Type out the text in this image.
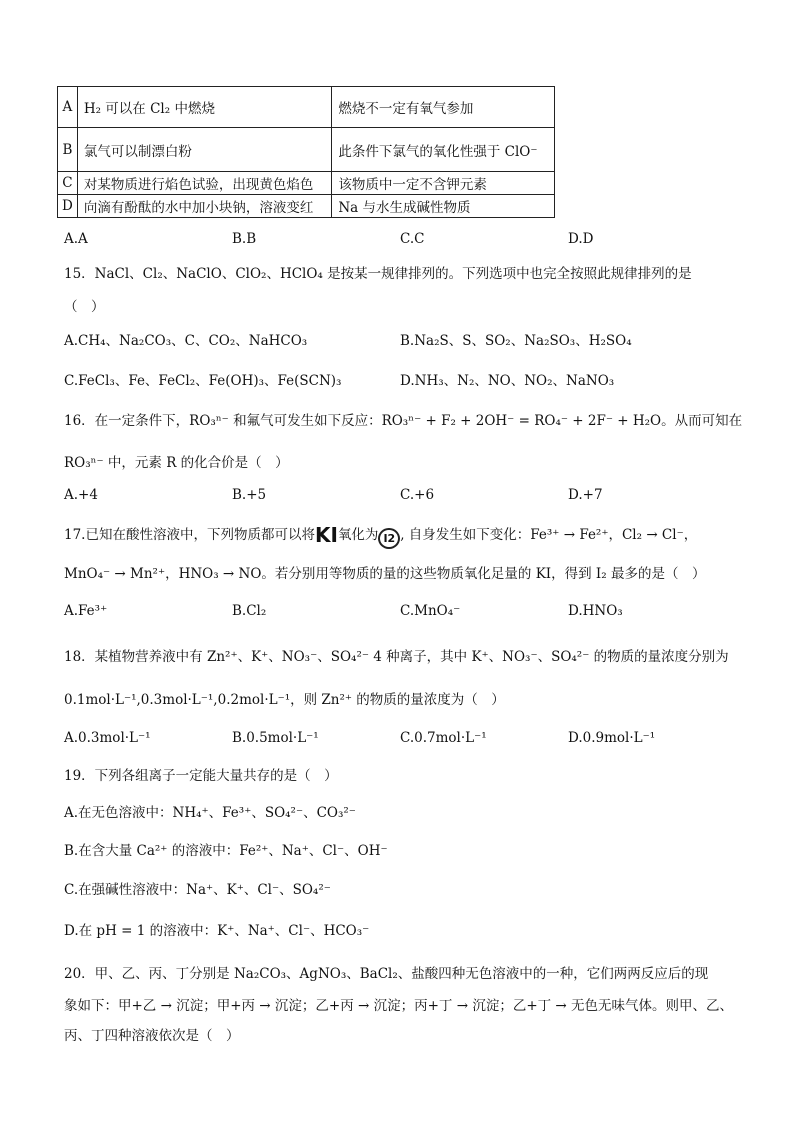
A	H₂ 可以在 Cl₂ 中燃烧	燃烧不一定有氧气参加
B	氯气可以制漂白粉	此条件下氯气的氧化性强于 ClO⁻
C	对某物质进行焰色试验，出现黄色焰色	该物质中一定不含钾元素
D	向滴有酚酞的水中加小块钠，溶液变红	Na 与水生成碱性物质
A.A	B.B	C.C	D.D
15．NaCl、Cl₂、NaClO、ClO₂、HClO₄ 是按某一规律排列的。下列选项中也完全按照此规律排列的是
（　）
A.CH₄、Na₂CO₃、C、CO₂、NaHCO₃	B.Na₂S、S、SO₂、Na₂SO₃、H₂SO₄
C.FeCl₃、Fe、FeCl₂、Fe(OH)₃、Fe(SCN)₃	D.NH₃、N₂、NO、NO₂、NaNO₃
16．在一定条件下，RO₃ⁿ⁻ 和氟气可发生如下反应：RO₃ⁿ⁻ + F₂ + 2OH⁻ = RO₄⁻ + 2F⁻ + H₂O。从而可知在
RO₃ⁿ⁻ 中，元素 R 的化合价是（　）
A.+4	B.+5	C.+6	D.+7
17.已知在酸性溶液中，下列物质都可以将KI氧化为 I2 , 自身发生如下变化：Fe³⁺ → Fe²⁺，Cl₂ → Cl⁻，
MnO₄⁻ → Mn²⁺，HNO₃ → NO。若分别用等物质的量的这些物质氧化足量的 KI，得到 I₂ 最多的是（　）
A.Fe³⁺	B.Cl₂	C.MnO₄⁻	D.HNO₃
18．某植物营养液中有 Zn²⁺、K⁺、NO₃⁻、SO₄²⁻ 4 种离子，其中 K⁺、NO₃⁻、SO₄²⁻ 的物质的量浓度分别为
0.1mol·L⁻¹,0.3mol·L⁻¹,0.2mol·L⁻¹，则 Zn²⁺ 的物质的量浓度为（　）
A.0.3mol·L⁻¹	B.0.5mol·L⁻¹	C.0.7mol·L⁻¹	D.0.9mol·L⁻¹
19．下列各组离子一定能大量共存的是（　）
A.在无色溶液中：NH₄⁺、Fe³⁺、SO₄²⁻、CO₃²⁻
B.在含大量 Ca²⁺ 的溶液中：Fe²⁺、Na⁺、Cl⁻、OH⁻
C.在强碱性溶液中：Na⁺、K⁺、Cl⁻、SO₄²⁻
D.在 pH = 1 的溶液中：K⁺、Na⁺、Cl⁻、HCO₃⁻
20．甲、乙、丙、丁分别是 Na₂CO₃、AgNO₃、BaCl₂、盐酸四种无色溶液中的一种，它们两两反应后的现
象如下：甲+乙 → 沉淀；甲+丙 → 沉淀；乙+丙 → 沉淀；丙+丁 → 沉淀；乙+丁 → 无色无味气体。则甲、乙、
丙、丁四种溶液依次是（　）
